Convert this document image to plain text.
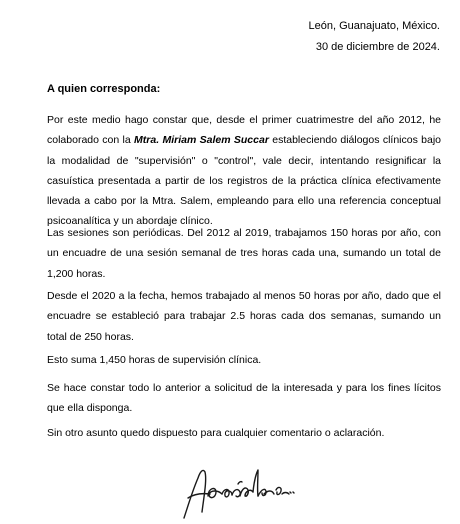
León, Guanajuato, México.
30 de diciembre de 2024.
A quien corresponda:

Por este medio hago constar que, desde el primer cuatrimestre del año 2012, he colaborado con la Mtra. Miriam Salem Succar estableciendo diálogos clínicos bajo la modalidad de "supervisión" o "control", vale decir, intentando resignificar la casuística presentada a partir de los registros de la práctica clínica efectivamente llevada a cabo por la Mtra. Salem, empleando para ello una referencia conceptual psicoanalítica y un abordaje clínico.

Las sesiones son periódicas. Del 2012 al 2019, trabajamos 150 horas por año, con un encuadre de una sesión semanal de tres horas cada una, sumando un total de 1,200 horas.

Desde el 2020 a la fecha, hemos trabajado al menos 50 horas por año, dado que el encuadre se estableció para trabajar 2.5 horas cada dos semanas, sumando un total de 250 horas.

Esto suma 1,450 horas de supervisión clínica.

Se hace constar todo lo anterior a solicitud de la interesada y para los fines lícitos que ella disponga.

Sin otro asunto quedo dispuesto para cualquier comentario o aclaración.
